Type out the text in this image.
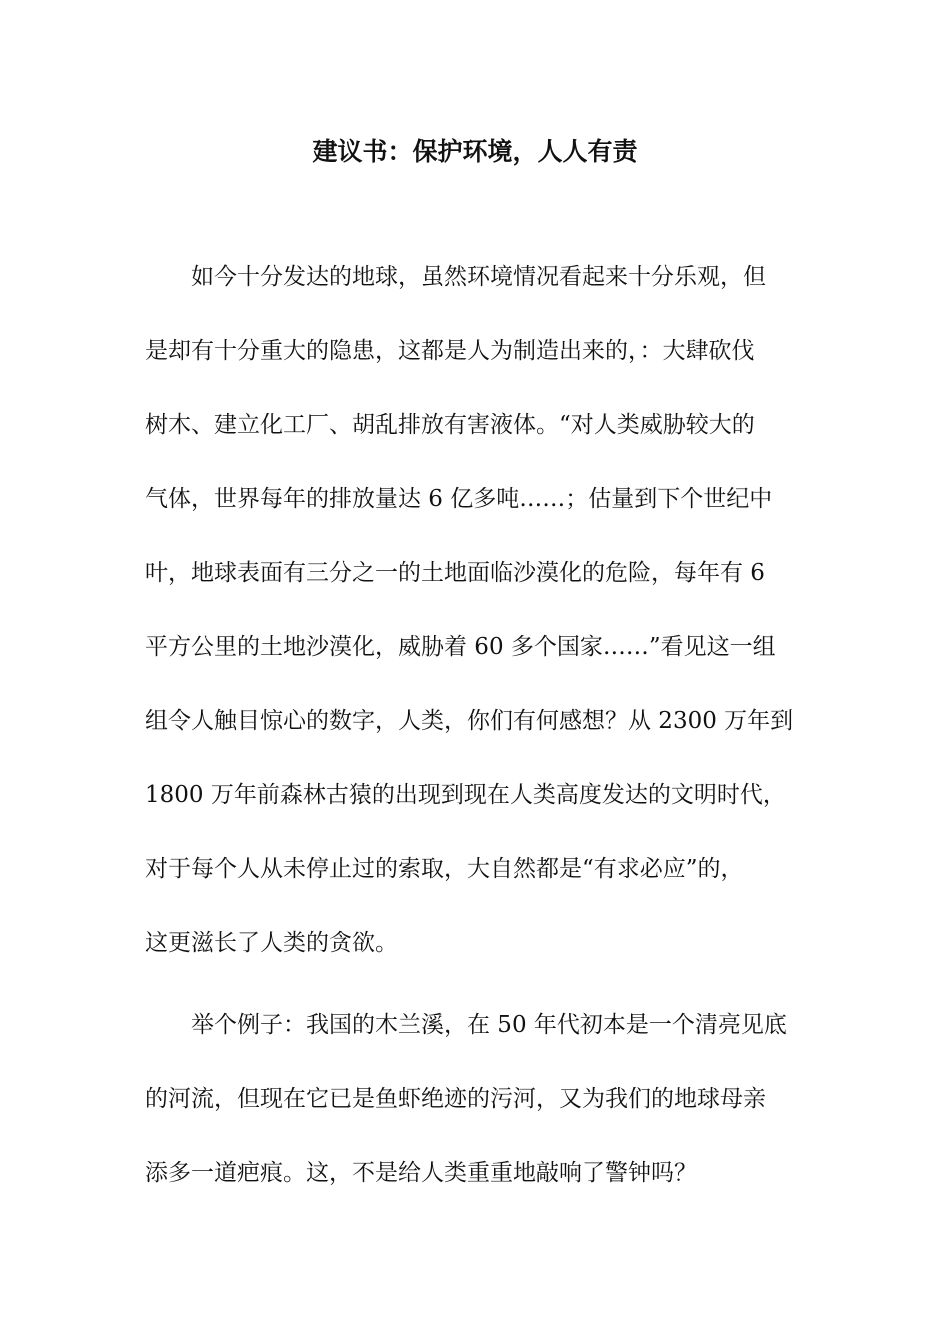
建议书：保护环境，人人有责
如今十分发达的地球，虽然环境情况看起来十分乐观，但
是却有十分重大的隐患，这都是人为制造出来的，：大肆砍伐
树木、建立化工厂、胡乱排放有害液体。“对人类威胁较大的
气体，世界每年的排放量达 6 亿多吨……；估量到下个世纪中
叶，地球表面有三分之一的土地面临沙漠化的危险，每年有 6
平方公里的土地沙漠化，威胁着 60 多个国家……”看见这一组
组令人触目惊心的数字，人类，你们有何感想？从 2300 万年到
1800 万年前森林古猿的出现到现在人类高度发达的文明时代，
对于每个人从未停止过的索取，大自然都是“有求必应”的，
这更滋长了人类的贪欲。
举个例子：我国的木兰溪，在 50 年代初本是一个清亮见底
的河流，但现在它已是鱼虾绝迹的污河，又为我们的地球母亲
添多一道疤痕。这，不是给人类重重地敲响了警钟吗？
